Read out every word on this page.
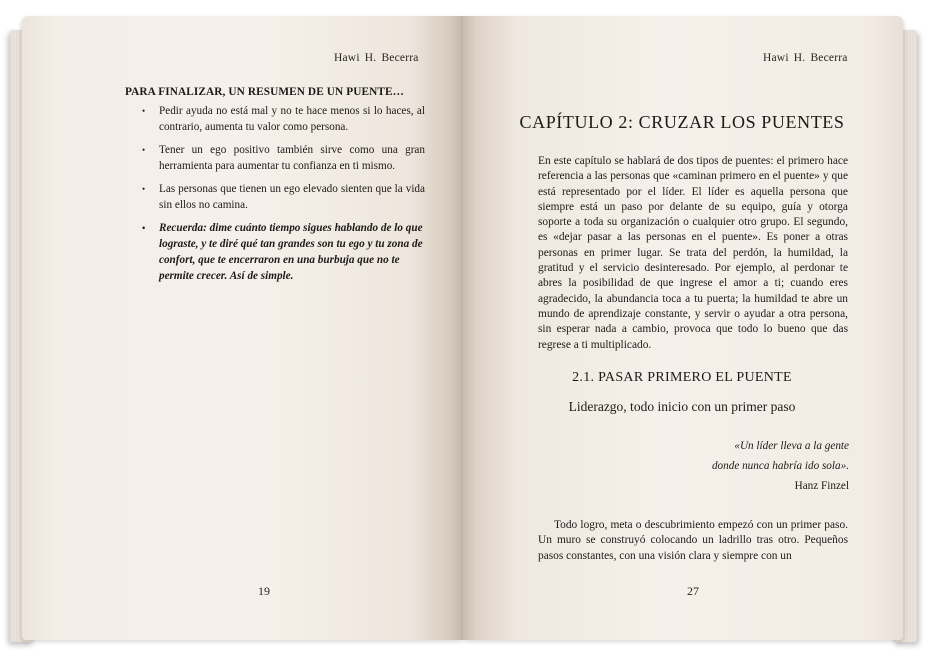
Hawi H. Becerra

PARA FINALIZAR, UN RESUMEN DE UN PUENTE…

• Pedir ayuda no está mal y no te hace menos si lo haces, al contrario, aumenta tu valor como persona.
• Tener un ego positivo también sirve como una gran herramienta para aumentar tu confianza en ti mismo.
• Las personas que tienen un ego elevado sienten que la vida sin ellos no camina.
• Recuerda: dime cuánto tiempo sigues hablando de lo que lograste, y te diré qué tan grandes son tu ego y tu zona de confort, que te encerraron en una burbuja que no te permite crecer. Así de simple.

19

Hawi H. Becerra

CAPÍTULO 2: CRUZAR LOS PUENTES

En este capítulo se hablará de dos tipos de puentes: el primero hace referencia a las personas que «caminan primero en el puente» y que está representado por el líder. El líder es aquella persona que siempre está un paso por delante de su equipo, guía y otorga soporte a toda su organización o cualquier otro grupo. El segundo, es «dejar pasar a las personas en el puente». Es poner a otras personas en primer lugar. Se trata del perdón, la humildad, la gratitud y el servicio desinteresado. Por ejemplo, al perdonar te abres la posibilidad de que ingrese el amor a ti; cuando eres agradecido, la abundancia toca a tu puerta; la humildad te abre un mundo de aprendizaje constante, y servir o ayudar a otra persona, sin esperar nada a cambio, provoca que todo lo bueno que das regrese a ti multiplicado.

2.1. PASAR PRIMERO EL PUENTE

Liderazgo, todo inicio con un primer paso

«Un líder lleva a la gente

donde nunca habría ido sola».

Hanz Finzel

Todo logro, meta o descubrimiento empezó con un primer paso. Un muro se construyó colocando un ladrillo tras otro. Pequeños pasos constantes, con una visión clara y siempre con un

27
